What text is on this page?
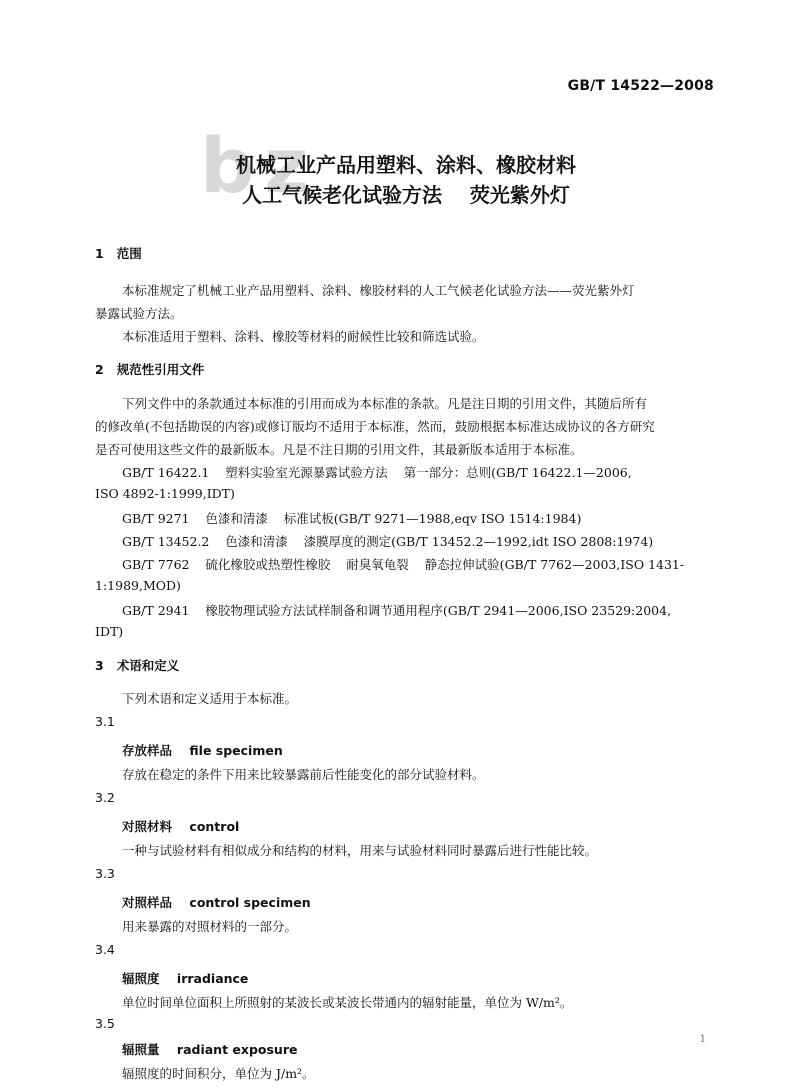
GB/T 14522—2008
bz
机械工业产品用塑料、涂料、橡胶材料
人工气候老化试验方法    荧光紫外灯
1   范围
本标准规定了机械工业产品用塑料、涂料、橡胶材料的人工气候老化试验方法——荧光紫外灯
暴露试验方法。
本标准适用于塑料、涂料、橡胶等材料的耐候性比较和筛选试验。
2   规范性引用文件
下列文件中的条款通过本标准的引用而成为本标准的条款。凡是注日期的引用文件，其随后所有
的修改单(不包括勘误的内容)或修订版均不适用于本标准，然而，鼓励根据本标准达成协议的各方研究
是否可使用这些文件的最新版本。凡是不注日期的引用文件，其最新版本适用于本标准。
GB/T 16422.1    塑料实验室光源暴露试验方法    第一部分：总则(GB/T 16422.1—2006,
ISO 4892-1:1999,IDT)
GB/T 9271    色漆和清漆    标准试板(GB/T 9271—1988,eqv ISO 1514:1984)
GB/T 13452.2    色漆和清漆    漆膜厚度的测定(GB/T 13452.2—1992,idt ISO 2808:1974)
GB/T 7762    硫化橡胶或热塑性橡胶    耐臭氧龟裂    静态拉伸试验(GB/T 7762—2003,ISO 1431-
1:1989,MOD)
GB/T 2941    橡胶物理试验方法试样制备和调节通用程序(GB/T 2941—2006,ISO 23529:2004,
IDT)
3   术语和定义
下列术语和定义适用于本标准。
3.1
存放样品    file specimen
存放在稳定的条件下用来比较暴露前后性能变化的部分试验材料。
3.2
对照材料    control
一种与试验材料有相似成分和结构的材料，用来与试验材料同时暴露后进行性能比较。
3.3
对照样品    control specimen
用来暴露的对照材料的一部分。
3.4
辐照度    irradiance
单位时间单位面积上所照射的某波长或某波长带通内的辐射能量，单位为 W/m²。
3.5
辐照量    radiant exposure
辐照度的时间积分，单位为 J/m²。
1
